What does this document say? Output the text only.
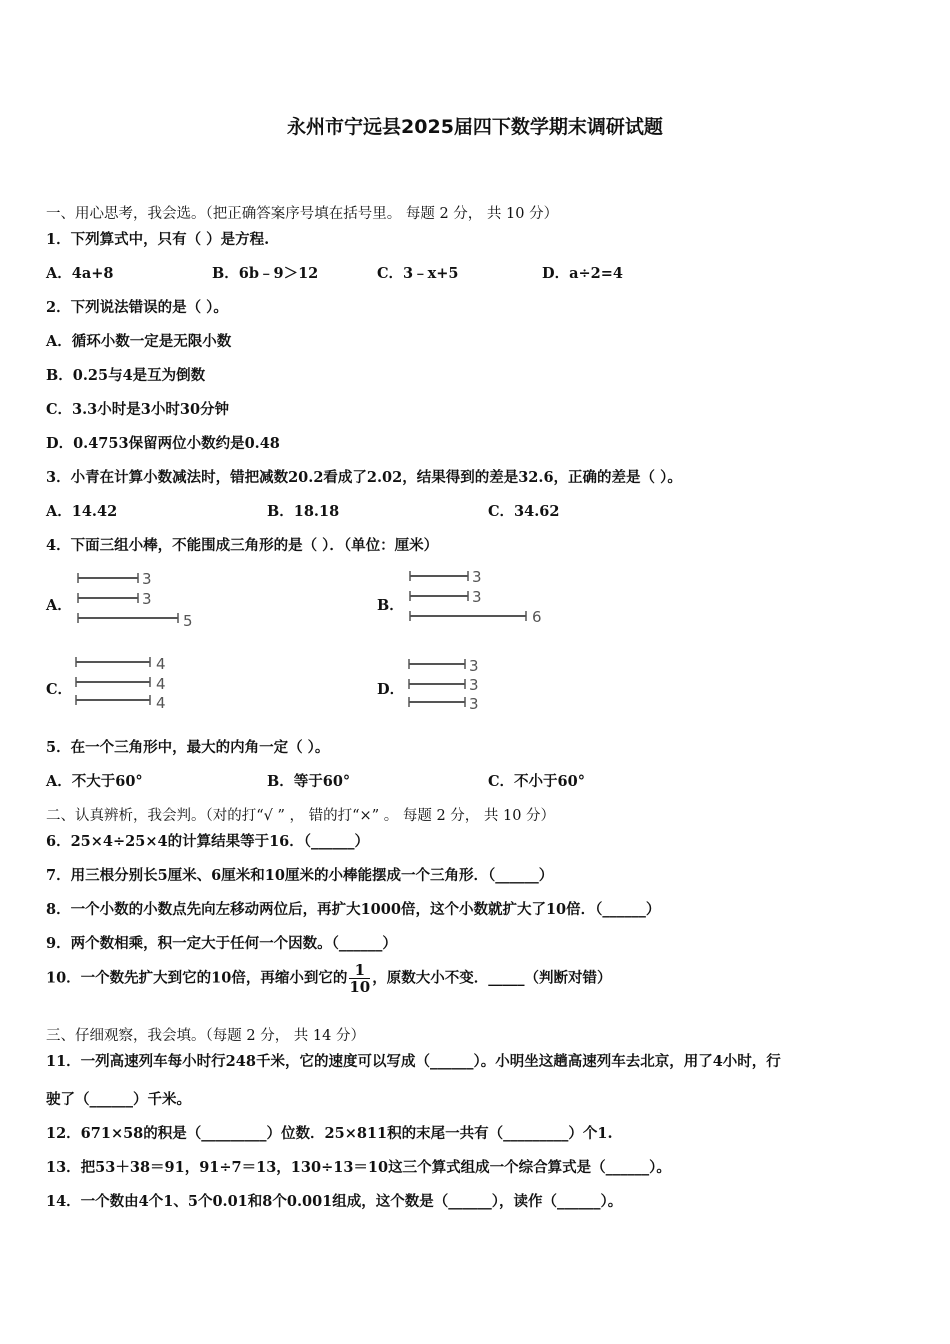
永州市宁远县2025届四下数学期末调研试题
一、用心思考，我会选。（把正确答案序号填在括号里。 每题 2 分， 共 10 分）
1．下列算式中，只有（ ）是方程.
A．4a+8	B．6b﹣9＞12	C．3﹣x+5	D．a÷2=4
2．下列说法错误的是（ ）。
A．循环小数一定是无限小数
B．0.25与4是互为倒数
C．3.3小时是3小时30分钟
D．0.4753保留两位小数约是0.48
3．小青在计算小数减法时，错把减数20.2看成了2.02，结果得到的差是32.6，正确的差是（ ）。
A．14.42	B．18.18	C．34.62
4．下面三组小棒，不能围成三角形的是（ ）．（单位：厘米）
A．
3
3
5
B．
3
3
6
C．
4
4
4
D．
3
3
3
5．在一个三角形中，最大的内角一定（ ）。
A．不大于60°	B．等于60°	C．不小于60°
二、认真辨析，我会判。（对的打“√ ” ， 错的打“×” 。 每题 2 分， 共 10 分）
6．25×4÷25×4的计算结果等于16．（______）
7．用三根分别长5厘米、6厘米和10厘米的小棒能摆成一个三角形．（______）
8．一个小数的小数点先向左移动两位后，再扩大1000倍，这个小数就扩大了10倍．（______）
9．两个数相乘，积一定大于任何一个因数。（______）
10．一个数先扩大到它的10倍，再缩小到它的 $\frac{1}{10}$ ，原数大小不变．_____（判断对错）
三、仔细观察，我会填。（每题 2 分， 共 14 分）
11．一列高速列车每小时行248千米，它的速度可以写成（______）。小明坐这趟高速列车去北京，用了4小时，行
驶了（______）千米。
12．671×58的积是（_________）位数．25×811积的末尾一共有（_________）个1.
13．把53＋38＝91，91÷7＝13，130÷13＝10这三个算式组成一个综合算式是（______）。
14．一个数由4个1、5个0.01和8个0.001组成，这个数是（______），读作（______）。
